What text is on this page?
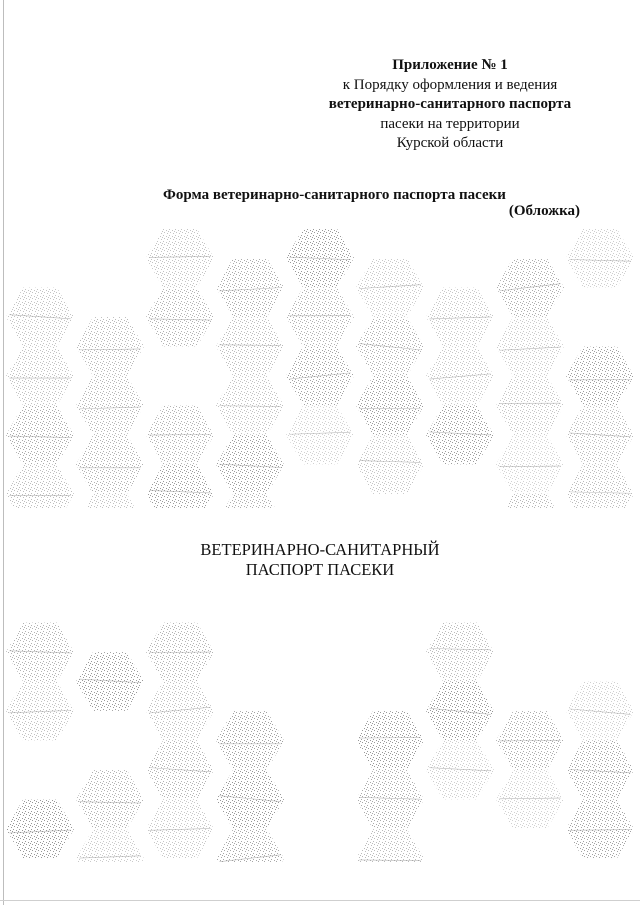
Приложение № 1
к Порядку оформления и ведения
ветеринарно-санитарного паспорта
пасеки на территории
Курской области
Форма ветеринарно-санитарного паспорта пасеки
(Обложка)
ВЕТЕРИНАРНО-САНИТАРНЫЙ
ПАСПОРТ ПАСЕКИ
